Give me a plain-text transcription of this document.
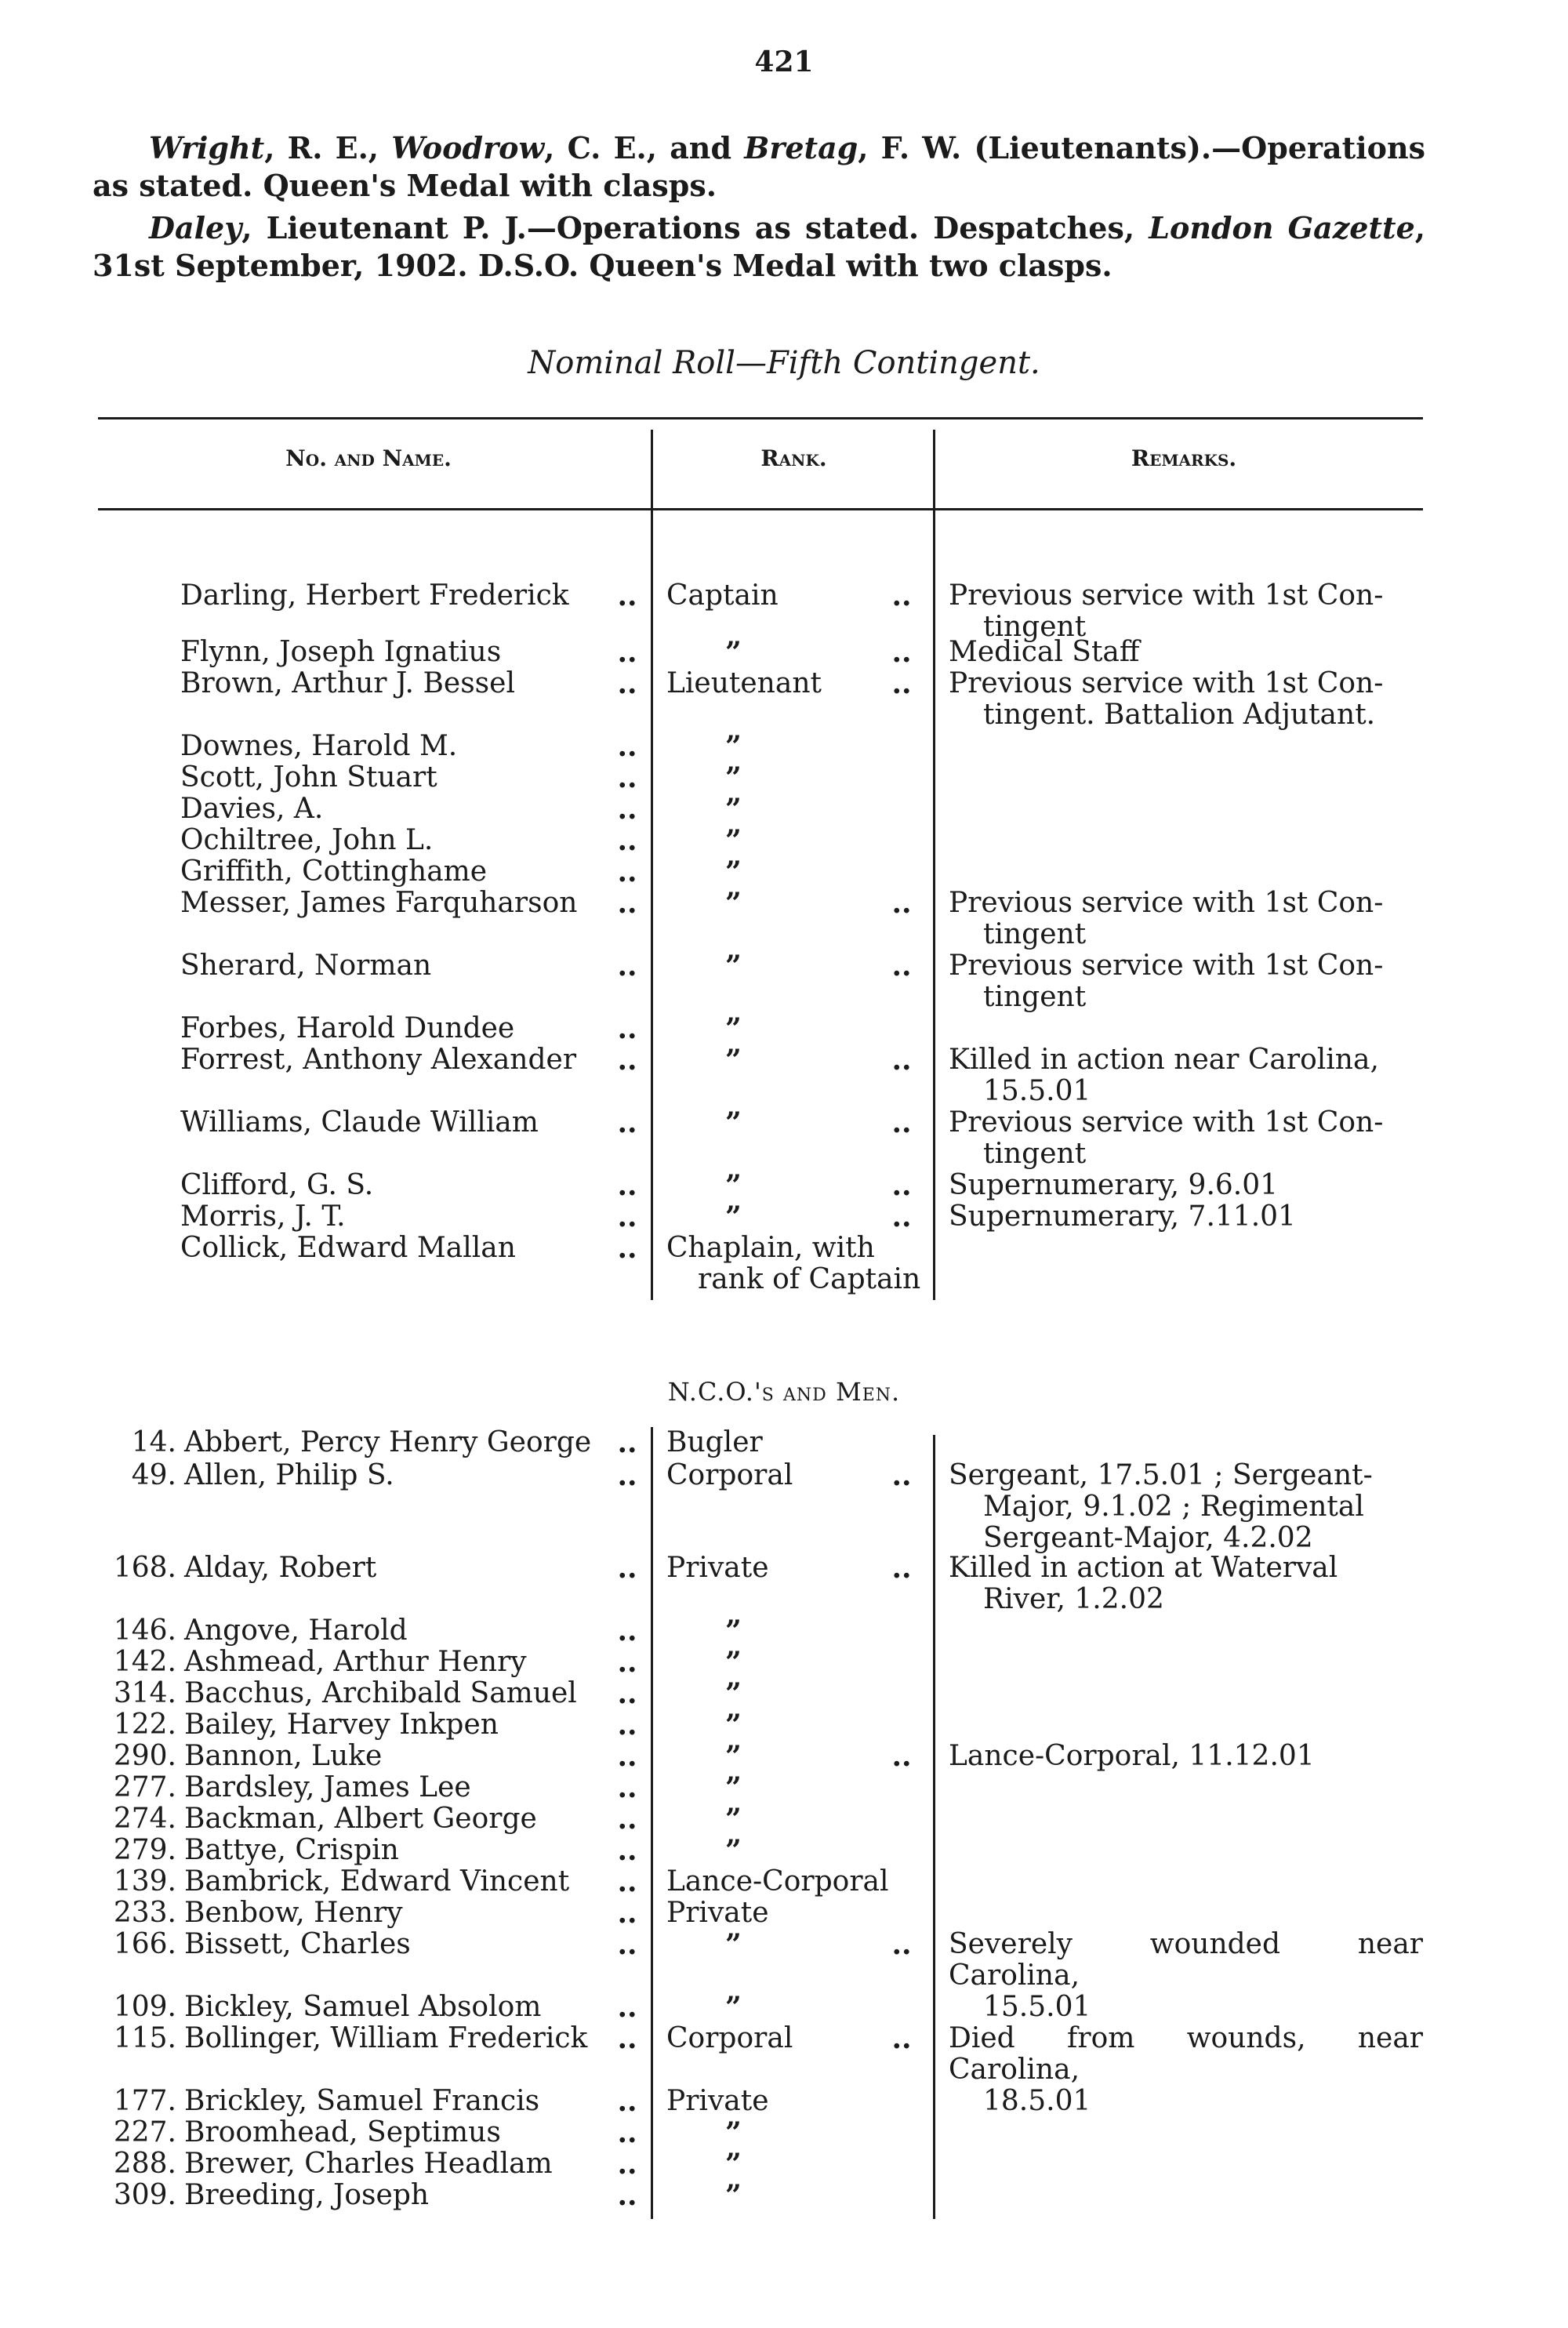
421

Wright, R. E., Woodrow, C. E., and Bretag, F. W. (Lieutenants).—Operations as stated. Queen's Medal with clasps.

Daley, Lieutenant P. J.—Operations as stated. Despatches, London Gazette, 31st September, 1902. D.S.O. Queen's Medal with two clasps.

Nominal Roll—Fifth Contingent.
No. and Name.	Rank.	Remarks.
Darling, Herbert Frederick .. Captain	.. Previous service with 1st Con-
tingent
Flynn, Joseph Ignatius	..	”	.. Medical Staff
Brown, Arthur J. Bessel	.. Lieutenant	.. Previous service with 1st Con-
tingent. Battalion Adjutant.
Downes, Harold M.	..	”
Scott, John Stuart	..	”
Davies, A.	..	”
Ochiltree, John L.	..	”
Griffith, Cottinghame	..	”
Messer, James Farquharson ..	”	.. Previous service with 1st Con-
tingent
Sherard, Norman	..	”	.. Previous service with 1st Con-
tingent
Forbes, Harold Dundee	..	”
Forrest, Anthony Alexander ..	”	.. Killed in action near Carolina,
15.5.01
Williams, Claude William	..	”	.. Previous service with 1st Con-
tingent
Clifford, G. S.	..	”	.. Supernumerary, 9.6.01
Morris, J. T.	..	”	.. Supernumerary, 7.11.01
Collick, Edward Mallan	.. Chaplain, with
rank of Captain
N.C.O.'s and Men.
14. Abbert, Percy Henry George .. Bugler
49. Allen, Philip S.	.. Corporal	.. Sergeant, 17.5.01 ; Sergeant-
Major, 9.1.02 ; Regimental
Sergeant-Major, 4.2.02
168. Alday, Robert	.. Private	.. Killed in action at Waterval
River, 1.2.02
146. Angove, Harold	..	”
142. Ashmead, Arthur Henry	..	”
314. Bacchus, Archibald Samuel ..	”
122. Bailey, Harvey Inkpen	..	”
290. Bannon, Luke	..	”	.. Lance-Corporal, 11.12.01
277. Bardsley, James Lee	..	”
274. Backman, Albert George	..	”
279. Battye, Crispin	..	”
139. Bambrick, Edward Vincent .. Lance-Corporal
233. Benbow, Henry	.. Private
166. Bissett, Charles	..	”	.. Severely wounded near Carolina,
15.5.01
109. Bickley, Samuel Absolom	..	”
115. Bollinger, William Frederick .. Corporal	.. Died from wounds, near Carolina,
18.5.01
177. Brickley, Samuel Francis	.. Private
227. Broomhead, Septimus	..	”
288. Brewer, Charles Headlam ..	”
309. Breeding, Joseph	..	”
